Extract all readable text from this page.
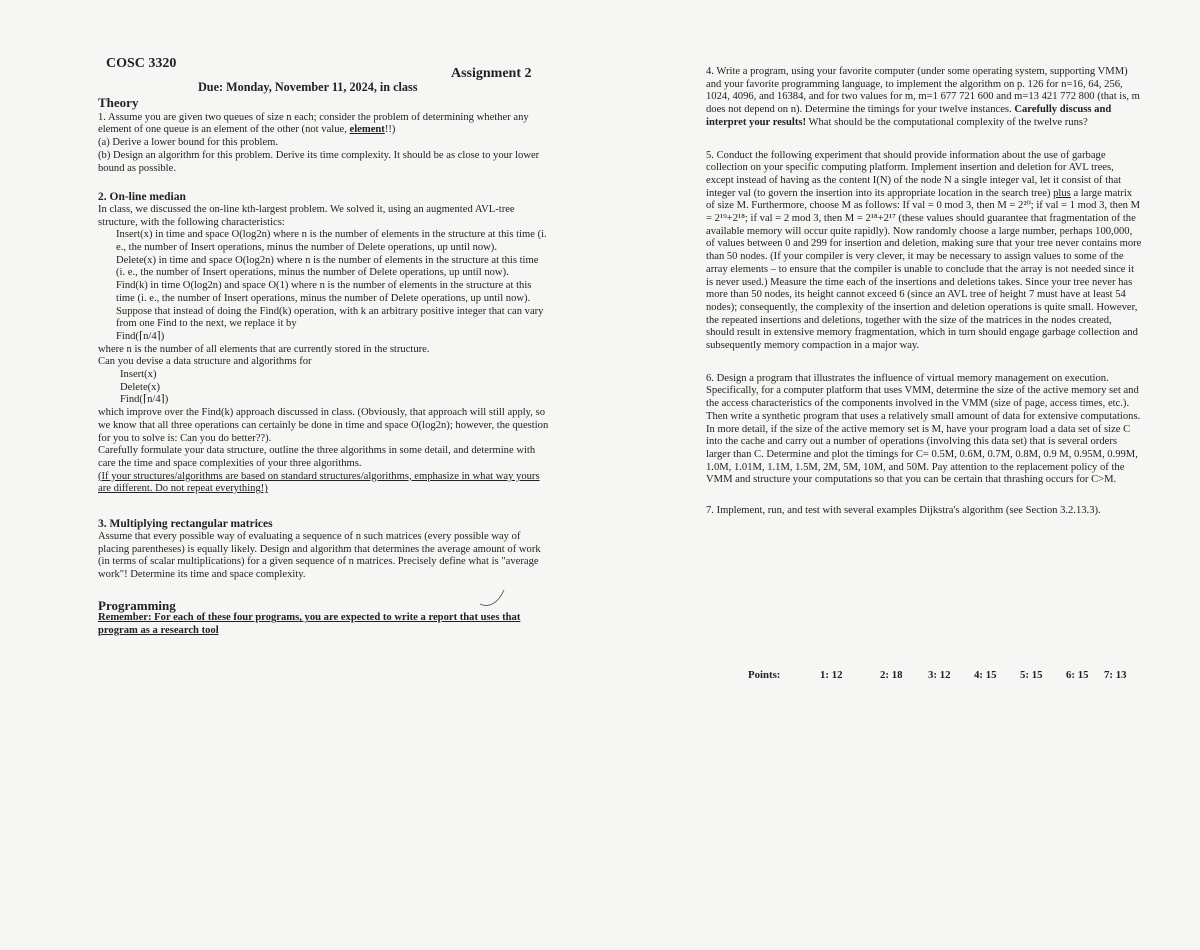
COSC 3320
Assignment 2
Due: Monday, November 11, 2024, in class

Theory

1. Assume you are given two queues of size n each; consider the problem of determining whether any element of one queue is an element of the other (not value, element!!)

(a) Derive a lower bound for this problem.

(b) Design an algorithm for this problem. Derive its time complexity. It should be as close to your lower bound as possible.

2. On-line median

In class, we discussed the on-line kth-largest problem. We solved it, using an augmented AVL-tree structure, with the following characteristics:

Insert(x) in time and space O(log2n) where n is the number of elements in the structure at this time (i. e., the number of Insert operations, minus the number of Delete operations, up until now).

Delete(x) in time and space O(log2n) where n is the number of elements in the structure at this time (i. e., the number of Insert operations, minus the number of Delete operations, up until now).

Find(k) in time O(log2n) and space O(1) where n is the number of elements in the structure at this time (i. e., the number of Insert operations, minus the number of Delete operations, up until now).

Suppose that instead of doing the Find(k) operation, with k an arbitrary positive integer that can vary from one Find to the next, we replace it by

Find(⌈n/4⌉)

where n is the number of all elements that are currently stored in the structure.

Can you devise a data structure and algorithms for

Insert(x)

Delete(x)

Find(⌈n/4⌉)

which improve over the Find(k) approach discussed in class. (Obviously, that approach will still apply, so we know that all three operations can certainly be done in time and space O(log2n); however, the question for you to solve is: Can you do better??).

Carefully formulate your data structure, outline the three algorithms in some detail, and determine with care the time and space complexities of your three algorithms.

(If your structures/algorithms are based on standard structures/algorithms, emphasize in what way yours are different. Do not repeat everything!)

3. Multiplying rectangular matrices

Assume that every possible way of evaluating a sequence of n such matrices (every possible way of placing parentheses) is equally likely. Design and algorithm that determines the average amount of work (in terms of scalar multiplications) for a given sequence of n matrices. Precisely define what is "average work"! Determine its time and space complexity.

Programming

Remember: For each of these four programs, you are expected to write a report that uses that program as a research tool

4. Write a program, using your favorite computer (under some operating system, supporting VMM) and your favorite programming language, to implement the algorithm on p. 126 for n=16, 64, 256, 1024, 4096, and 16384, and for two values for m, m=1 677 721 600 and m=13 421 772 800 (that is, m does not depend on n). Determine the timings for your twelve instances. Carefully discuss and interpret your results! What should be the computational complexity of the twelve runs?

5. Conduct the following experiment that should provide information about the use of garbage collection on your specific computing platform. Implement insertion and deletion for AVL trees, except instead of having as the content I(N) of the node N a single integer val, let it consist of that integer val (to govern the insertion into its appropriate location in the search tree) plus a large matrix of size M. Furthermore, choose M as follows: If val = 0 mod 3, then M = 2²⁰; if val = 1 mod 3, then M = 2¹⁹+2¹⁸; if val = 2 mod 3, then M = 2¹⁸+2¹⁷ (these values should guarantee that fragmentation of the available memory will occur quite rapidly). Now randomly choose a large number, perhaps 100,000, of values between 0 and 299 for insertion and deletion, making sure that your tree never contains more than 50 nodes. (If your compiler is very clever, it may be necessary to assign values to some of the array elements – to ensure that the compiler is unable to conclude that the array is not needed since it is never used.) Measure the time each of the insertions and deletions takes. Since your tree never has more than 50 nodes, its height cannot exceed 6 (since an AVL tree of height 7 must have at least 54 nodes); consequently, the complexity of the insertion and deletion operations is quite small. However, the repeated insertions and deletions, together with the size of the matrices in the nodes created, should result in extensive memory fragmentation, which in turn should engage garbage collection and subsequently memory compaction in a major way.

6. Design a program that illustrates the influence of virtual memory management on execution.

Specifically, for a computer platform that uses VMM, determine the size of the active memory set and the access characteristics of the components involved in the VMM (size of page, access times, etc.). Then write a synthetic program that uses a relatively small amount of data for extensive computations. In more detail, if the size of the active memory set is M, have your program load a data set of size C into the cache and carry out a number of operations (involving this data set) that is several orders larger than C. Determine and plot the timings for C= 0.5M, 0.6M, 0.7M, 0.8M, 0.9 M, 0.95M, 0.99M, 1.0M, 1.01M, 1.1M, 1.5M, 2M, 5M, 10M, and 50M. Pay attention to the replacement policy of the VMM and structure your computations so that you can be certain that thrashing occurs for C>M.

7. Implement, run, and test with several examples Dijkstra's algorithm (see Section 3.2.13.3).

Points:	1: 12	2: 18 3: 12 4: 15 5: 15 6: 15 7: 13
